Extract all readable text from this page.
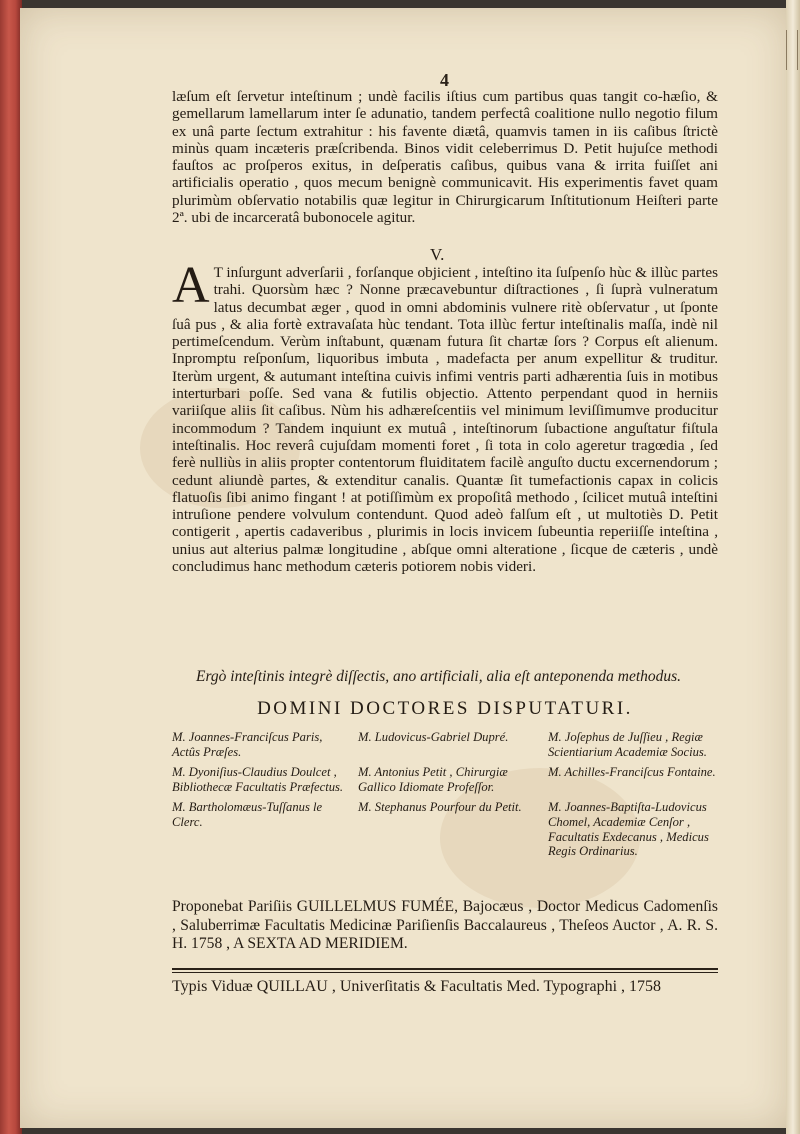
4

læſum eſt ſervetur inteſtinum ; undè facilis iſtius cum partibus quas tangit co-hæſio, & gemellarum lamellarum inter ſe adunatio, tandem perfectâ coalitione nullo negotio filum ex unâ parte ſectum extrahitur : his favente diætâ, quamvis tamen in iis caſibus ſtrictè minùs quam incæteris præſcribenda. Binos vidit celeberrimus D. Petit hujuſce methodi fauſtos ac proſperos exitus, in deſperatis caſibus, quibus vana & irrita fuiſſet ani artificialis operatio , quos mecum benignè communicavit. His experimentis favet quam plurimùm obſervatio notabilis quæ legitur in Chirurgicarum Inſtitutionum Heiſteri parte 2ª. ubi de incarceratâ bubonocele agitur.

V.

A T inſurgunt adverſarii , forſanque objicient , inteſtino ita ſuſpenſo hùc & illùc partes trahi. Quorsùm hæc ? Nonne præcavebuntur diſtractiones , ſi ſuprà vulneratum latus decumbat æger , quod in omni abdominis vulnere ritè obſervatur , ut ſponte ſuâ pus , & alia fortè extravaſata hùc tendant. Tota illùc fertur inteſtinalis maſſa, indè nil pertimeſcendum. Verùm inſtabunt, quænam futura ſit chartæ ſors ? Corpus eſt alienum. Inpromptu reſponſum, liquoribus imbuta , madefacta per anum expellitur & truditur. Iterùm urgent, & autumant inteſtina cuivis infimi ventris parti adhærentia ſuis in motibus interturbari poſſe. Sed vana & futilis objectio. Attento perpendant quod in herniis variiſque aliis ſit caſibus. Nùm his adhæreſcentiis vel minimum leviſſimumve producitur incommodum ? Tandem inquiunt ex mutuâ , inteſtinorum ſubactione anguſtatur fiſtula inteſtinalis. Hoc reverâ cujuſdam momenti foret , ſi tota in colo ageretur tragœdia , ſed ferè nulliùs in aliis propter contentorum fluiditatem facilè anguſto ductu excernendorum ; cedunt aliundè partes, & extenditur canalis. Quantæ ſit tumefactionis capax in colicis flatuoſis ſibi animo fingant ! at potiſſimùm ex propoſitâ methodo , ſcilicet mutuâ inteſtini intruſione pendere volvulum contendunt. Quod adeò falſum eſt , ut multotiès D. Petit contigerit , apertis cadaveribus , plurimis in locis invicem ſubeuntia reperiiſſe inteſtina , unius aut alterius palmæ longitudine , abſque omni alteratione , ſicque de cæteris , undè concludimus hanc methodum cæteris potiorem nobis videri.

Ergò inteſtinis integrè diſſectis, ano artificiali, alia eſt anteponenda methodus.

DOMINI DOCTORES DISPUTATURI.

M. Joannes-Franciſcus Paris, Actûs Præſes.
M. Ludovicus-Gabriel Dupré.	M. Joſephus de Juſſieu , Regiæ Scientiarium Academiæ Socius.
M. Dyoniſius-Claudius Doulcet , Bibliothecæ Facultatis Præfectus.
M. Antonius Petit , Chirurgiæ Gallico Idiomate Profeſſor.
M. Achilles-Franciſcus Fontaine.
M. Bartholomæus-Tuſſanus le Clerc.
M. Stephanus Pourfour du Petit.	M. Joannes-Baptiſta-Ludovicus Chomel, Academiæ Cenſor , Facultatis Exdecanus , Medicus Regis Ordinarius.

Proponebat Pariſiis GUILLELMUS FUMÉE, Bajocæus , Doctor Medicus Cadomenſis , Saluberrimæ Facultatis Medicinæ Pariſienſis Baccalaureus , Theſeos Auctor , A. R. S. H. 1758 , A SEXTA AD MERIDIEM.

Typis Viduæ QUILLAU , Univerſitatis & Facultatis Med. Typographi , 1758
